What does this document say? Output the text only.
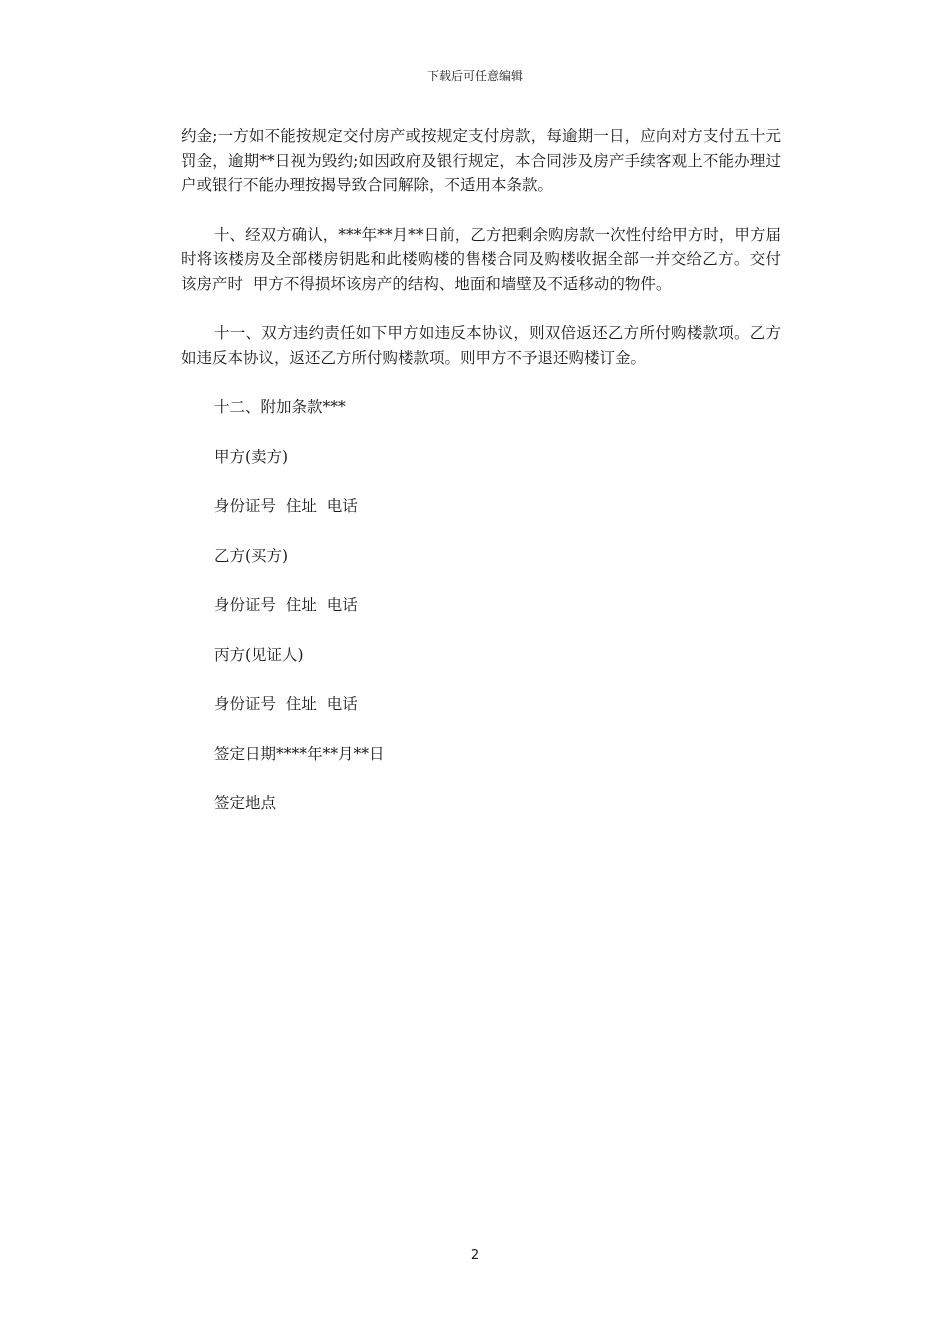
下载后可任意编辑

约金;一方如不能按规定交付房产或按规定支付房款，每逾期一日，应向对方支付五十元罚金，逾期**日视为毁约;如因政府及银行规定，本合同涉及房产手续客观上不能办理过户或银行不能办理按揭导致合同解除，不适用本条款。

十、经双方确认，***年**月**日前，乙方把剩余购房款一次性付给甲方时，甲方届时将该楼房及全部楼房钥匙和此楼购楼的售楼合同及购楼收据全部一并交给乙方。交付该房产时  甲方不得损坏该房产的结构、地面和墙壁及不适移动的物件。

十一、双方违约责任如下甲方如违反本协议，则双倍返还乙方所付购楼款项。乙方如违反本协议，返还乙方所付购楼款项。则甲方不予退还购楼订金。

十二、附加条款***

甲方(卖方)

身份证号  住址  电话

乙方(买方)

身份证号  住址  电话

丙方(见证人)

身份证号  住址  电话

签定日期****年**月**日

签定地点

2
